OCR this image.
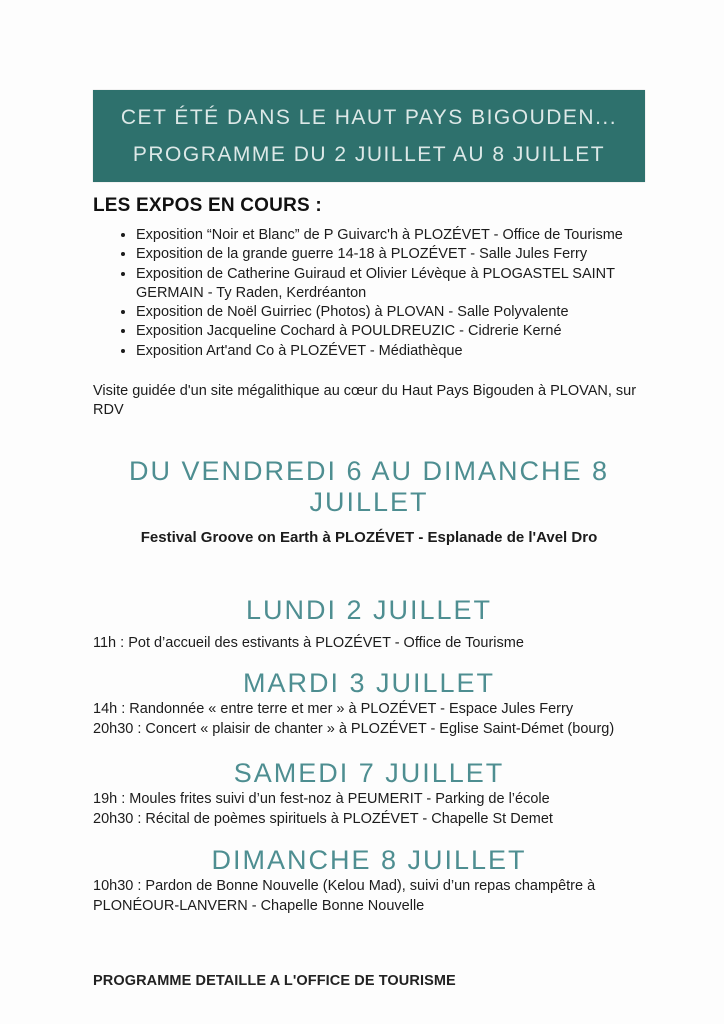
CET ÉTÉ DANS LE HAUT PAYS BIGOUDEN...
PROGRAMME DU 2 JUILLET AU 8 JUILLET
LES EXPOS EN COURS :
• Exposition “Noir et Blanc” de P Guivarc'h à PLOZÉVET - Office de Tourisme
• Exposition de la grande guerre 14-18 à PLOZÉVET - Salle Jules Ferry
• Exposition de Catherine Guiraud et Olivier Lévèque à PLOGASTEL SAINT GERMAIN - Ty Raden, Kerdréanton
• Exposition de Noël Guirriec (Photos) à PLOVAN - Salle Polyvalente
• Exposition Jacqueline Cochard à POULDREUZIC - Cidrerie Kerné
• Exposition Art'and Co à PLOZÉVET - Médiathèque
Visite guidée d'un site mégalithique au cœur du Haut Pays Bigouden à PLOVAN, sur RDV
DU VENDREDI 6 AU DIMANCHE 8 JUILLET
Festival Groove on Earth à PLOZÉVET - Esplanade de l'Avel Dro
LUNDI 2 JUILLET
11h : Pot d’accueil des estivants à PLOZÉVET - Office de Tourisme
MARDI 3 JUILLET
14h : Randonnée « entre terre et mer » à PLOZÉVET - Espace Jules Ferry
20h30 : Concert « plaisir de chanter » à PLOZÉVET - Eglise Saint-Démet (bourg)
SAMEDI 7 JUILLET
19h : Moules frites suivi d’un fest-noz à PEUMERIT - Parking de l’école
20h30 : Récital de poèmes spirituels à PLOZÉVET - Chapelle St Demet
DIMANCHE 8 JUILLET
10h30 : Pardon de Bonne Nouvelle (Kelou Mad), suivi d’un repas champêtre à PLONÉOUR-LANVERN - Chapelle Bonne Nouvelle
PROGRAMME DETAILLE A L'OFFICE DE TOURISME
